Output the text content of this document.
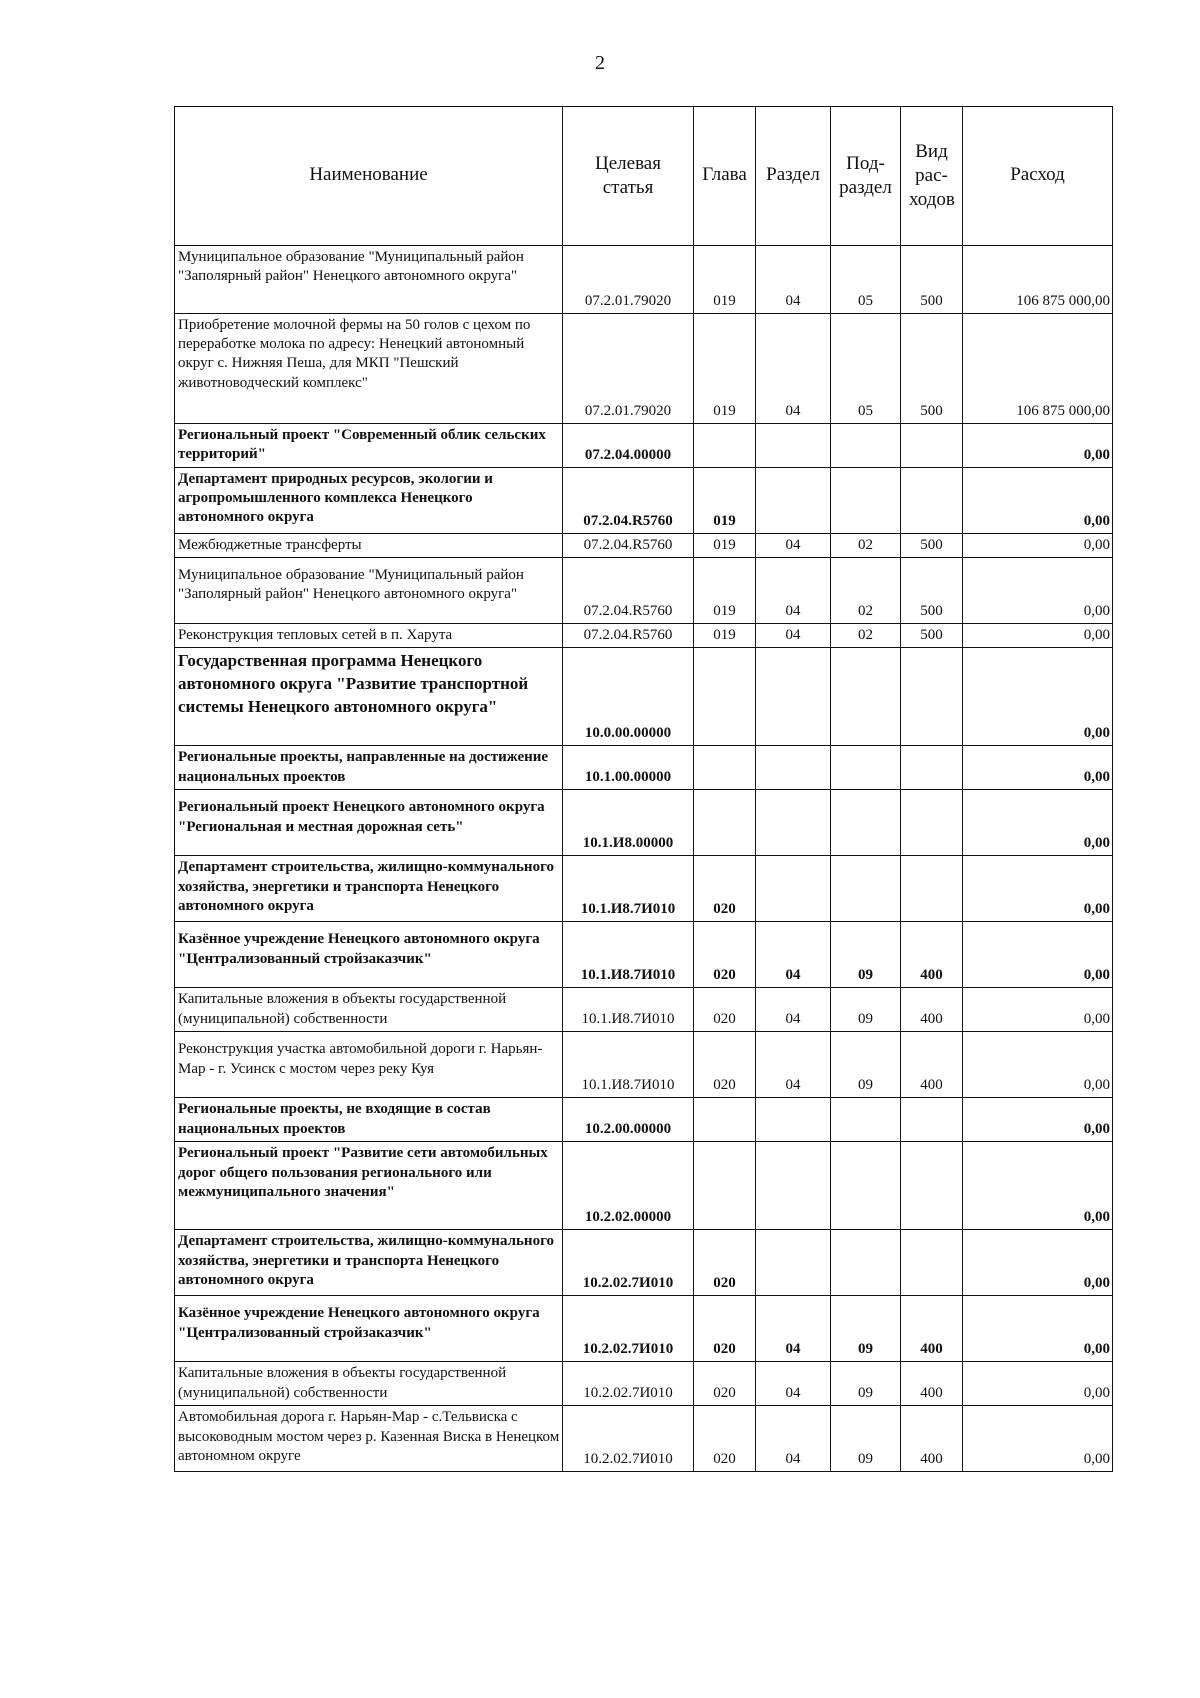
2
Наименование	Целевая статья	Глава	Раздел	Под-раздел	Вид рас-ходов	Расход
Муниципальное образование "Муниципальный район "Заполярный район" Ненецкого автономного округа"	07.2.01.79020	019	04	05	500	106 875 000,00
Приобретение молочной фермы на 50 голов с цехом по переработке молока по адресу: Ненецкий автономный округ с. Нижняя Пеша, для МКП "Пешский животноводческий комплекс"	07.2.01.79020	019	04	05	500	106 875 000,00
Региональный проект "Современный облик сельских территорий"	07.2.04.00000					0,00
Департамент природных ресурсов, экологии и агропромышленного комплекса Ненецкого автономного округа	07.2.04.R5760	019				0,00
Межбюджетные трансферты	07.2.04.R5760	019	04	02	500	0,00
Муниципальное образование "Муниципальный район "Заполярный район" Ненецкого автономного округа"	07.2.04.R5760	019	04	02	500	0,00
Реконструкция тепловых сетей в п. Харута	07.2.04.R5760	019	04	02	500	0,00
Государственная программа Ненецкого автономного округа "Развитие транспортной системы Ненецкого автономного округа"	10.0.00.00000					0,00
Региональные проекты, направленные на достижение национальных проектов	10.1.00.00000					0,00
Региональный проект Ненецкого автономного округа "Региональная и местная дорожная сеть"	10.1.И8.00000					0,00
Департамент строительства, жилищно-коммунального хозяйства, энергетики и транспорта Ненецкого автономного округа	10.1.И8.7И010	020				0,00
Казённое учреждение Ненецкого автономного округа "Централизованный стройзаказчик"	10.1.И8.7И010	020	04	09	400	0,00
Капитальные вложения в объекты государственной (муниципальной) собственности	10.1.И8.7И010	020	04	09	400	0,00
Реконструкция участка автомобильной дороги г. Нарьян-Мар - г. Усинск с мостом через реку Куя	10.1.И8.7И010	020	04	09	400	0,00
Региональные проекты, не входящие в состав национальных проектов	10.2.00.00000					0,00
Региональный проект "Развитие сети автомобильных дорог общего пользования регионального или межмуниципального значения"	10.2.02.00000					0,00
Департамент строительства, жилищно-коммунального хозяйства, энергетики и транспорта Ненецкого автономного округа	10.2.02.7И010	020				0,00
Казённое учреждение Ненецкого автономного округа "Централизованный стройзаказчик"	10.2.02.7И010	020	04	09	400	0,00
Капитальные вложения в объекты государственной (муниципальной) собственности	10.2.02.7И010	020	04	09	400	0,00
Автомобильная дорога г. Нарьян-Мар - с.Тельвиска с высоководным мостом через р. Казенная Виска в Ненецком автономном округе	10.2.02.7И010	020	04	09	400	0,00
